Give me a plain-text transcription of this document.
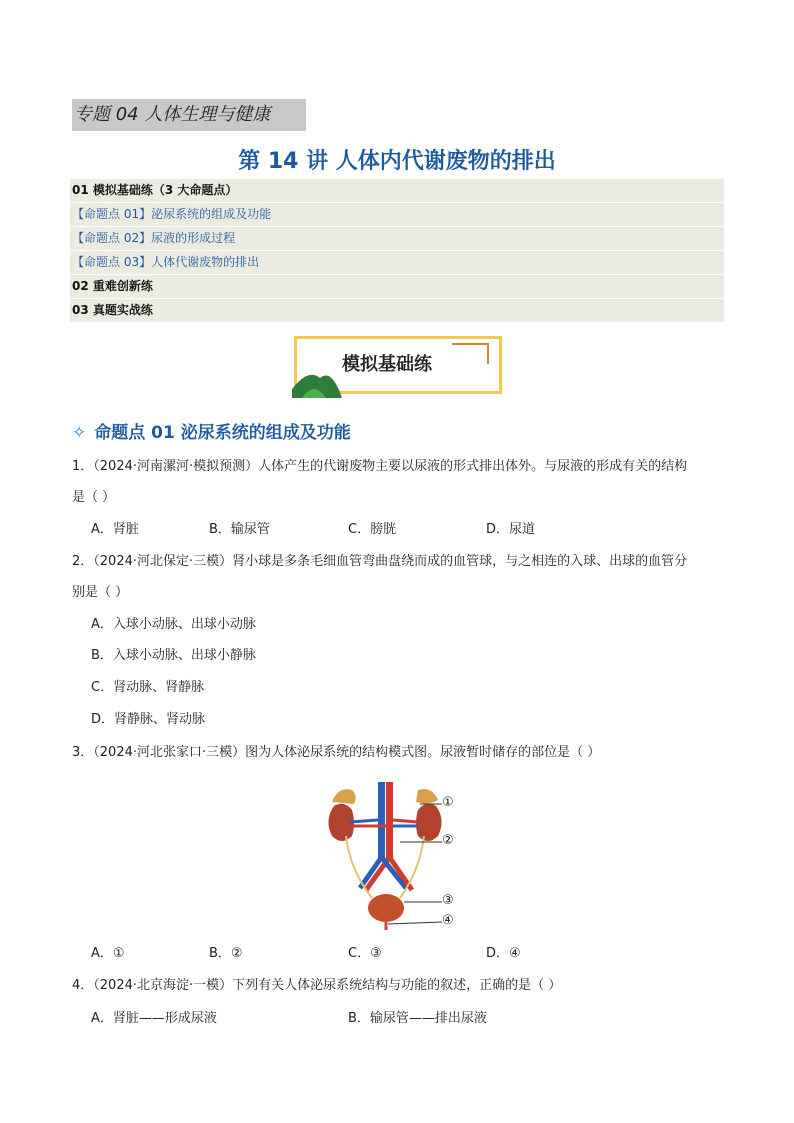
专题 04 人体生理与健康
第 14 讲 人体内代谢废物的排出
01 模拟基础练（3 大命题点）
【命题点 01】泌尿系统的组成及功能
【命题点 02】尿液的形成过程
【命题点 03】人体代谢废物的排出
02 重难创新练
03 真题实战练
模拟基础练
✧ 命题点 01 泌尿系统的组成及功能
1．（2024·河南漯河·模拟预测）人体产生的代谢废物主要以尿液的形式排出体外。与尿液的形成有关的结构
是（ ）
A．肾脏	B．输尿管	C．膀胱	D．尿道
2．（2024·河北保定·三模）肾小球是多条毛细血管弯曲盘绕而成的血管球，与之相连的入球、出球的血管分
别是（ ）
A．入球小动脉、出球小动脉
B．入球小动脉、出球小静脉
C．肾动脉、肾静脉
D．肾静脉、肾动脉
3．（2024·河北张家口·三模）图为人体泌尿系统的结构模式图。尿液暂时储存的部位是（ ）
①
②
③
④
A．①	B．②	C．③	D．④
4．（2024·北京海淀·一模）下列有关人体泌尿系统结构与功能的叙述，正确的是（ ）
A．肾脏——形成尿液	B．输尿管——排出尿液
